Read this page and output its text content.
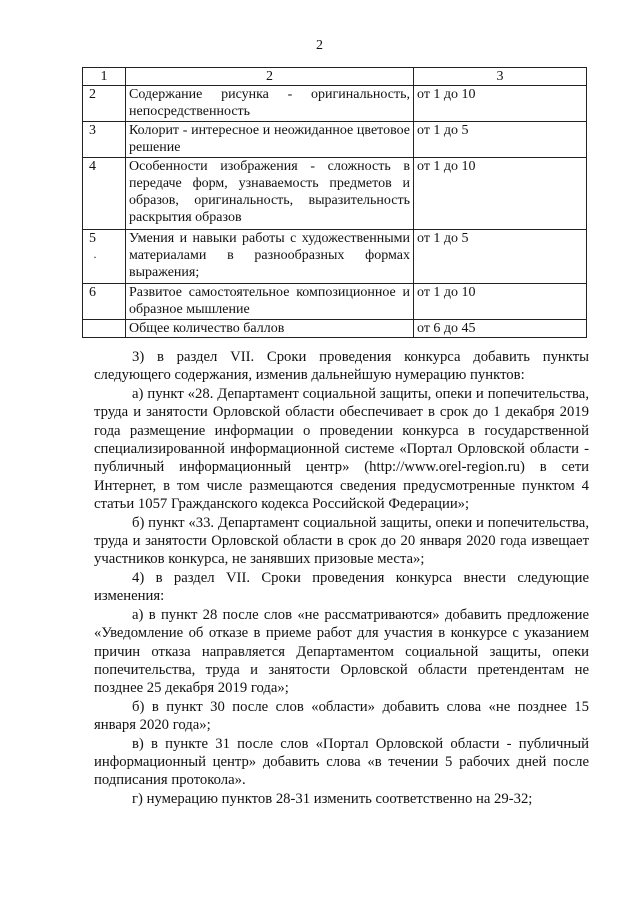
2
1	2	3
2	Содержание рисунка - оригинальность, непосредственность	от 1 до 10
3	Колорит - интересное и неожиданное цветовое решение	от 1 до 5
4	Особенности изображения - сложность в передаче форм, узнаваемость предметов и образов, оригинальность, выразительность раскрытия образов	от 1 до 10
5 ·	Умения и навыки работы с художественными материалами в разнообразных формах выражения;	от 1 до 5
6	Развитое самостоятельное композиционное и образное мышление	от 1 до 10
	Общее количество баллов	от 6 до 45

3) в раздел VII. Сроки проведения конкурса добавить пункты следующего содержания, изменив дальнейшую нумерацию пунктов:

а) пункт «28. Департамент социальной защиты, опеки и попечительства, труда и занятости Орловской области обеспечивает в срок до 1 декабря 2019 года размещение информации о проведении конкурса в государственной специализированной информационной системе «Портал Орловской области - публичный информационный центр» (http://www.orel-region.ru) в сети Интернет, в том числе размещаются сведения предусмотренные пунктом 4 статьи 1057 Гражданского кодекса Российской Федерации»;

б) пункт «33. Департамент социальной защиты, опеки и попечительства, труда и занятости Орловской области в срок до 20 января 2020 года извещает участников конкурса, не занявших призовые места»;

4) в раздел VII. Сроки проведения конкурса внести следующие изменения:

а) в пункт 28 после слов «не рассматриваются» добавить предложение «Уведомление об отказе в приеме работ для участия в конкурсе с указанием причин отказа направляется Департаментом социальной защиты, опеки попечительства, труда и занятости Орловской области претендентам не позднее 25 декабря 2019 года»;

б) в пункт 30 после слов «области» добавить слова «не позднее 15 января 2020 года»;

в) в пункте 31 после слов «Портал Орловской области - публичный информационный центр» добавить слова «в течении 5 рабочих дней после подписания протокола».

г) нумерацию пунктов 28-31 изменить соответственно на 29-32;
